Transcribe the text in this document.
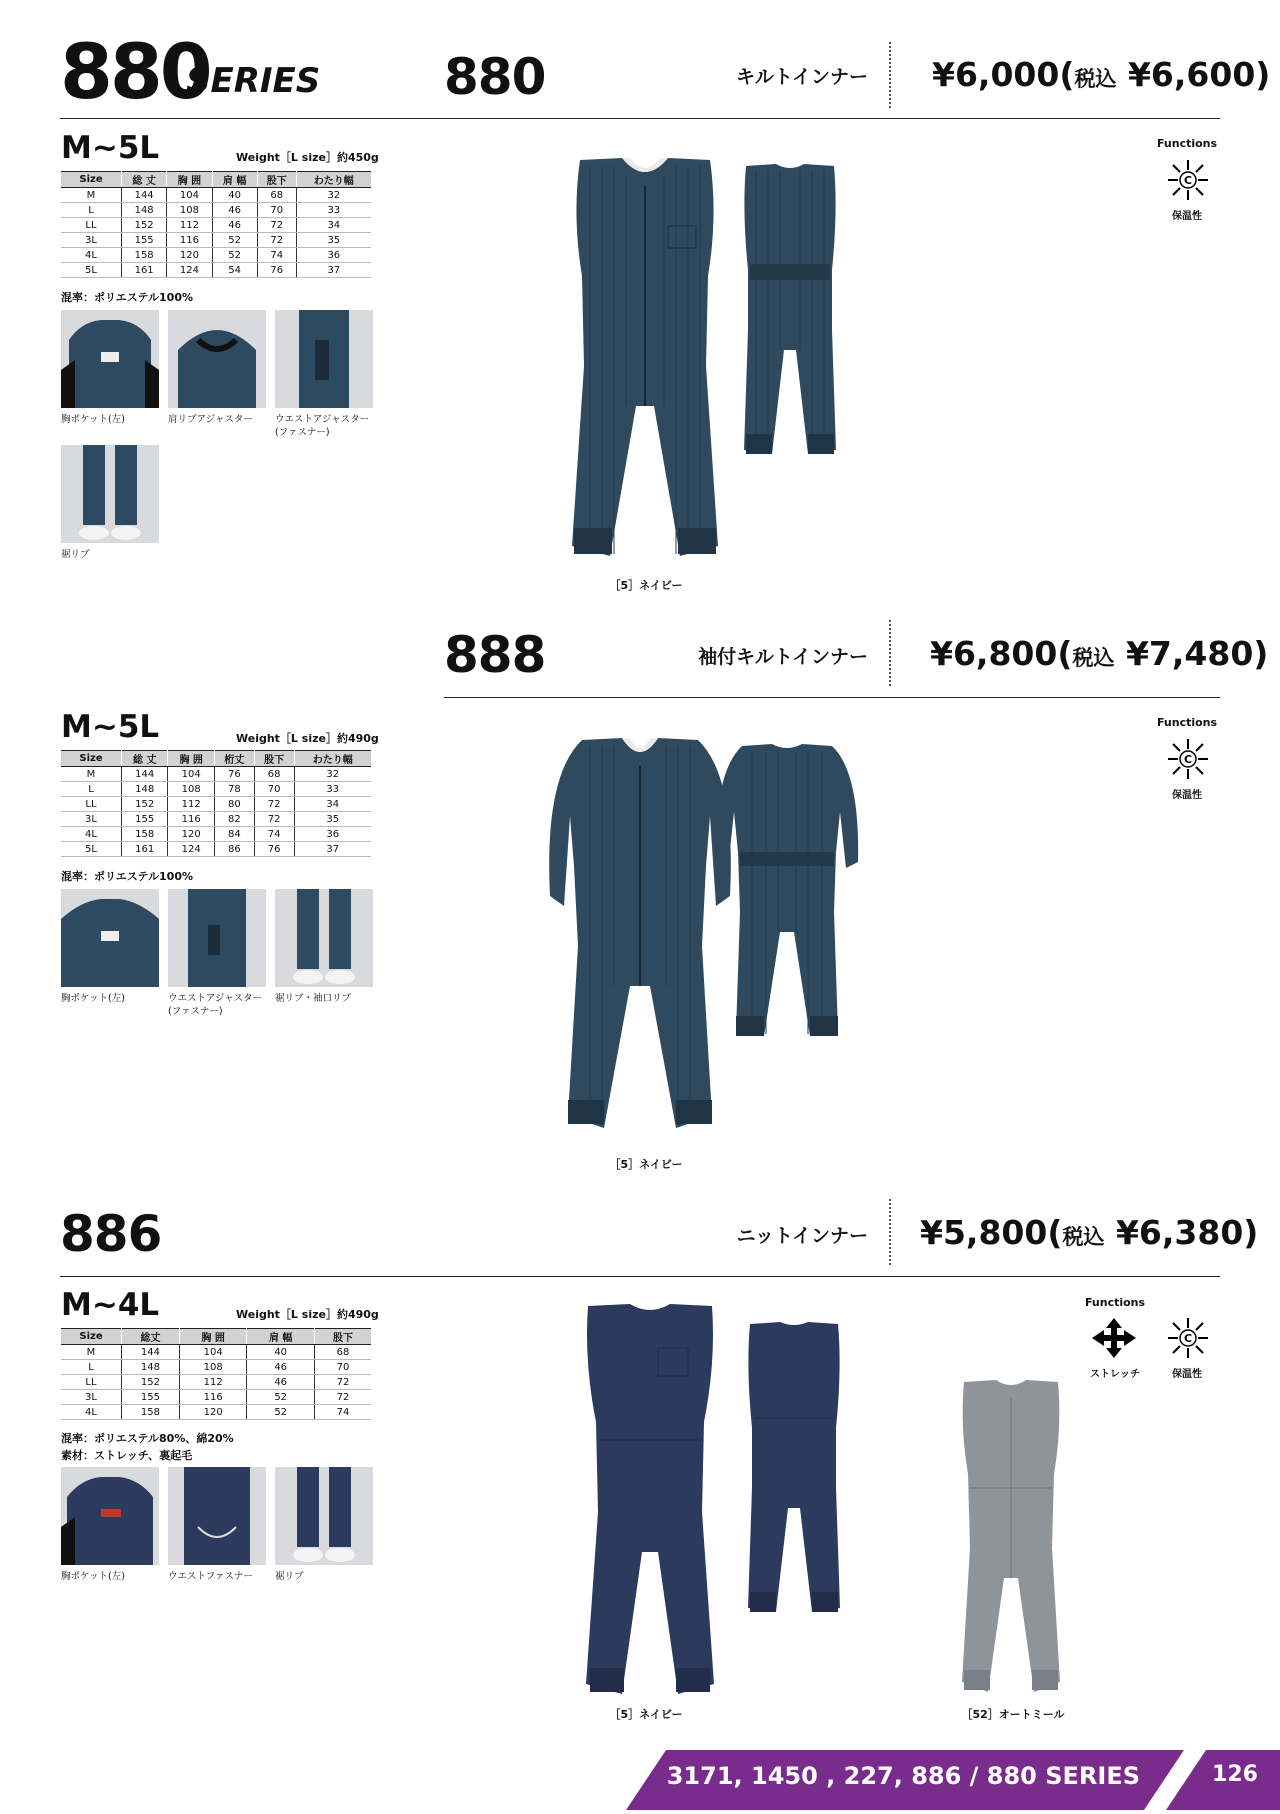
880
SERIES 880	キルトインナー ¥6,000(税込 ¥6,600)
M~5L	Weight［L size］約450g
Size	総 丈	胸 囲	肩 幅	股下	わたり幅
M	144	104	40	68	32
L	148	108	46	70	33
LL	152	112	46	72	34
3L	155	116	52	72	35
4L	158	120	52	74	36
5L	161	124	54	76	37
混率：ポリエステル100%
胸ポケット(左)	肩リブアジャスター	ウエストアジャスター
(ファスナー)
裾リブ
［5］ネイビー
Functions
C
保温性
888	袖付キルトインナー ¥6,800(税込 ¥7,480)
M~5L	Weight［L size］約490g
Size	総 丈	胸 囲	桁丈	股下	わたり幅
M	144	104	76	68	32
L	148	108	78	70	33
LL	152	112	80	72	34
3L	155	116	82	72	35
4L	158	120	84	74	36
5L	161	124	86	76	37
混率：ポリエステル100%
胸ポケット(左)	ウエストアジャスター
(ファスナー)
裾リブ・袖口リブ
［5］ネイビー
Functions
C
保温性
886	ニットインナー ¥5,800(税込 ¥6,380)
M~4L	Weight［L size］約490g
Size	総丈	胸 囲	肩 幅	股下
M	144	104	40	68
L	148	108	46	70
LL	152	112	46	72
3L	155	116	52	72
4L	158	120	52	74
混率：ポリエステル80%、綿20%
素材：ストレッチ、裏起毛
胸ポケット(左)	ウエストファスナー	裾リブ
［5］ネイビー	［52］オートミール
Functions
ストレッチ
C
保温性
3171, 1450 , 227, 886 / 880 SERIES	126
